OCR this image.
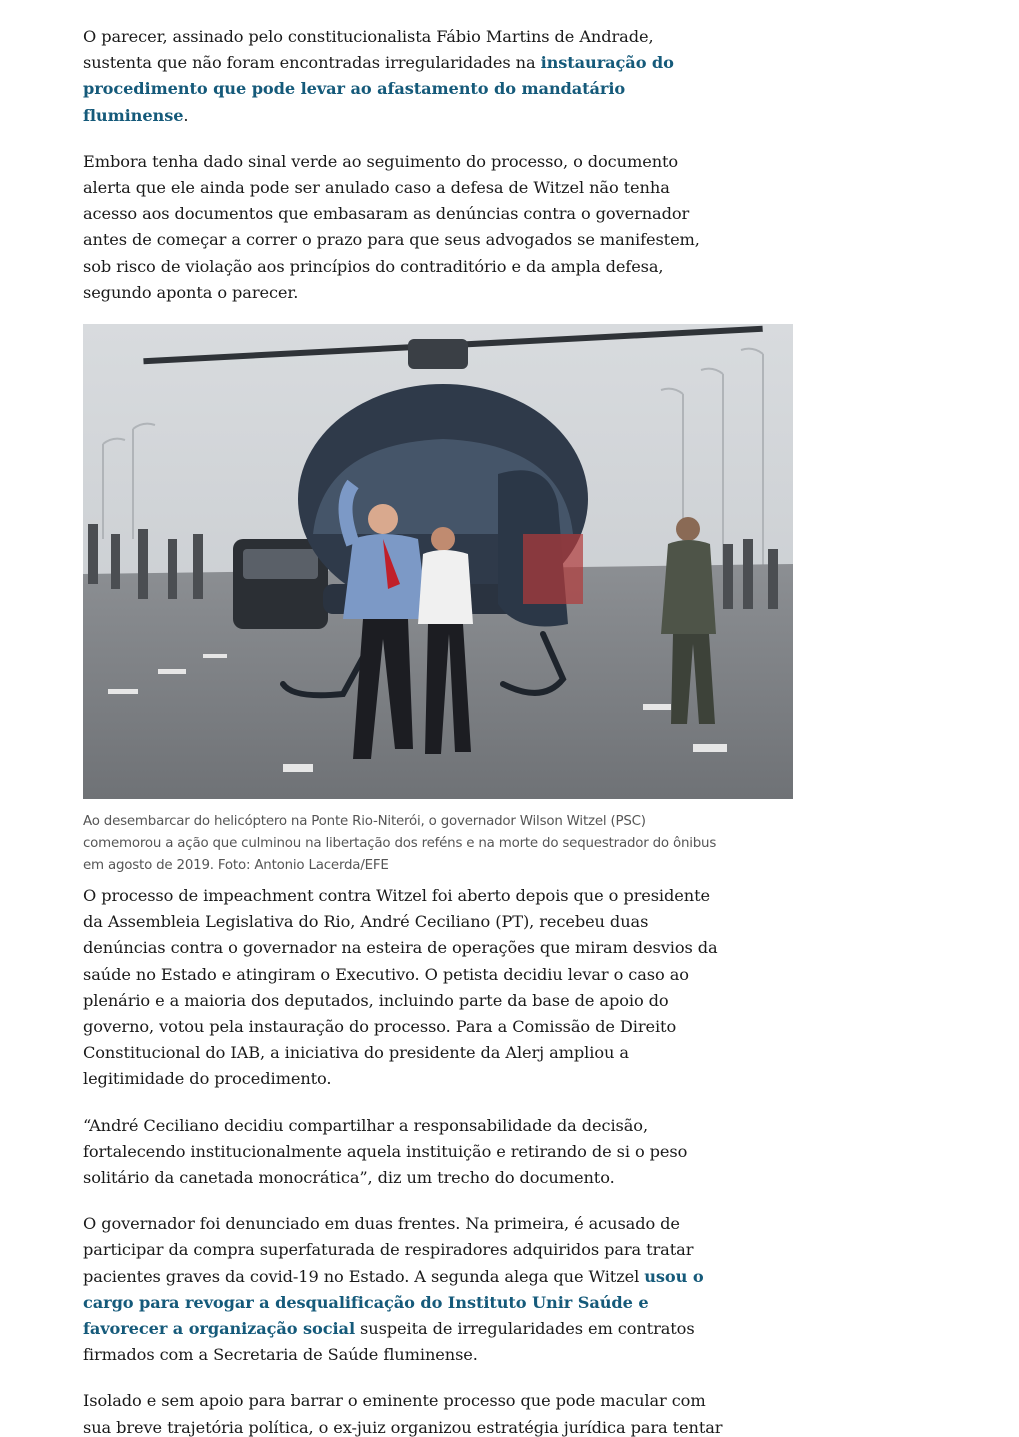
O parecer, assinado pelo constitucionalista Fábio Martins de Andrade, sustenta que não foram encontradas irregularidades na instauração do procedimento que pode levar ao afastamento do mandatário fluminense.

Embora tenha dado sinal verde ao seguimento do processo, o documento alerta que ele ainda pode ser anulado caso a defesa de Witzel não tenha acesso aos documentos que embasaram as denúncias contra o governador antes de começar a correr o prazo para que seus advogados se manifestem, sob risco de violação aos princípios do contraditório e da ampla defesa, segundo aponta o parecer.

Ao desembarcar do helicóptero na Ponte Rio-Niterói, o governador Wilson Witzel (PSC) comemorou a ação que culminou na libertação dos reféns e na morte do sequestrador do ônibus em agosto de 2019. Foto: Antonio Lacerda/EFE

O processo de impeachment contra Witzel foi aberto depois que o presidente da Assembleia Legislativa do Rio, André Ceciliano (PT), recebeu duas denúncias contra o governador na esteira de operações que miram desvios da saúde no Estado e atingiram o Executivo. O petista decidiu levar o caso ao plenário e a maioria dos deputados, incluindo parte da base de apoio do governo, votou pela instauração do processo. Para a Comissão de Direito Constitucional do IAB, a iniciativa do presidente da Alerj ampliou a legitimidade do procedimento.

“André Ceciliano decidiu compartilhar a responsabilidade da decisão, fortalecendo institucionalmente aquela instituição e retirando de si o peso solitário da canetada monocrática”, diz um trecho do documento.

O governador foi denunciado em duas frentes. Na primeira, é acusado de participar da compra superfaturada de respiradores adquiridos para tratar pacientes graves da covid-19 no Estado. A segunda alega que Witzel usou o cargo para revogar a desqualificação do Instituto Unir Saúde e favorecer a organização social suspeita de irregularidades em contratos firmados com a Secretaria de Saúde fluminense.

Isolado e sem apoio para barrar o eminente processo que pode macular com sua breve trajetória política, o ex-juiz organizou estratégia jurídica para tentar
